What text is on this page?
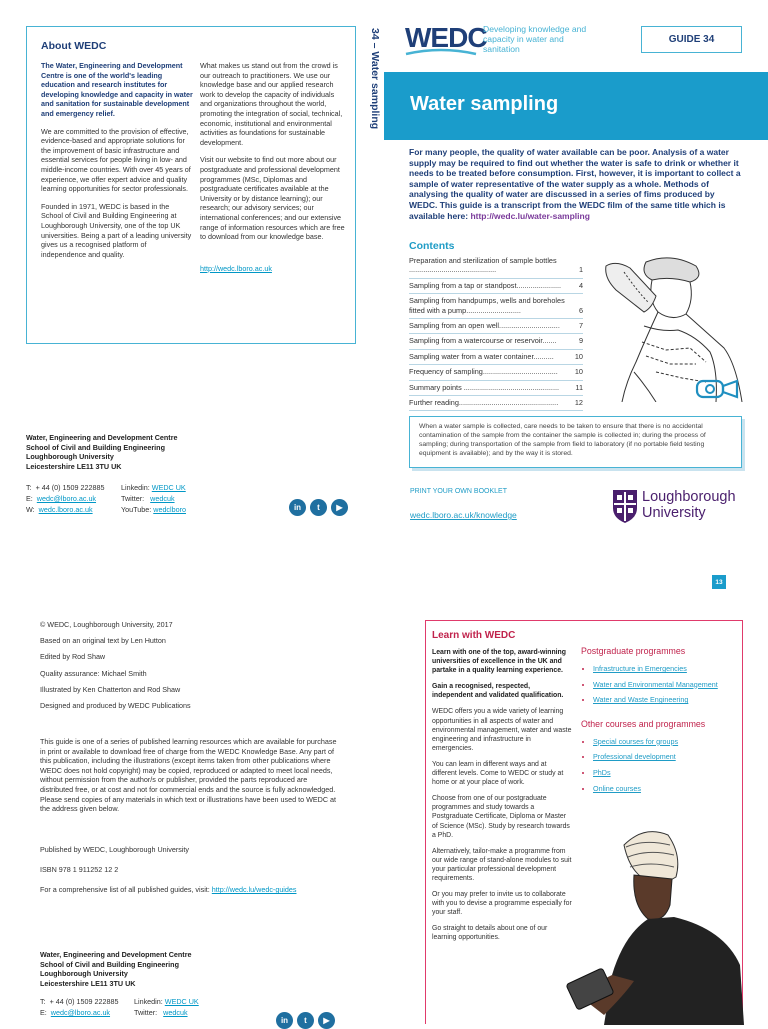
About WEDC

The Water, Engineering and Development Centre is one of the world's leading education and research institutes for developing knowledge and capacity in water and sanitation for sustainable development and emergency relief.

We are committed to the provision of effective, evidence-based and appropriate solutions for the improvement of basic infrastructure and essential services for people living in low- and middle-income countries. With over 45 years of experience, we offer expert advice and quality learning opportunities for sector professionals.

Founded in 1971, WEDC is based in the School of Civil and Building Engineering at Loughborough University, one of the top UK universities. Being a part of a leading university gives us a recognised platform of independence and quality.

What makes us stand out from the crowd is our outreach to practitioners. We use our knowledge base and our applied research work to develop the capacity of individuals and organizations throughout the world, promoting the integration of social, technical, economic, institutional and environmental activities as foundations for sustainable development.

Visit our website to find out more about our postgraduate and professional development programmes (MSc, Diplomas and postgraduate certificates available at the University or by distance learning); our research; our advisory services; our international conferences; and our extensive range of information resources which are free to download from our knowledge base.

http://wedc.lboro.ac.uk

34 – Water sampling WEDC
Developing knowledge and capacity in water and sanitation
GUIDE 34
Water sampling
For many people, the quality of water available can be poor. Analysis of a water supply may be required to find out whether the water is safe to drink or whether it needs to be treated before consumption. First, however, it is important to collect a sample of water representative of the water supply as a whole. Methods of analysing the quality of water are discussed in a series of fims produced by WEDC. This guide is a transcript from the WEDC film of the same title which is available here: http://wedc.lu/water-sampling
Contents
Preparation and sterilization of sample bottles ...........................................	1
Sampling from a tap or standpost......................	4
Sampling from handpumps, wells and boreholes fitted with a pump...........................	6
Sampling from an open well..............................	7
Sampling from a watercourse or reservoir.......	9
Sampling water from a water container..........	10
Frequency of sampling.....................................	10
Summary points ...............................................	11
Further reading.................................................	12
When a water sample is collected, care needs to be taken to ensure that there is no accidental contamination of the sample from the container the sample is collected in; during the process of sampling; during transportation of the sample from field to laboratory (if no portable field testing equipment is available); and by the way it is stored.
PRINT YOUR OWN BOOKLET
wedc.lboro.ac.uk/knowledge
Loughborough
University
Water, Engineering and Development Centre
School of Civil and Building Engineering
Loughborough University
Leicestershire LE11 3TU UK
T: + 44 (0) 1509 222885
E: wedc@lboro.ac.uk
W: wedc.lboro.ac.uk
Linkedin: WEDC UK
Twitter: wedcuk
YouTube: wedclboro	in	t	▶
13

© WEDC, Loughborough University, 2017

Based on an original text by Len Hutton

Edited by Rod Shaw

Quality assurance: Michael Smith

Illustrated by Ken Chatterton and Rod Shaw

Designed and produced by WEDC Publications

This guide is one of a series of published learning resources which are available for purchase in print or available to download free of charge from the WEDC Knowledge Base. Any part of this publication, including the illustrations (except items taken from other publications where WEDC does not hold copyright) may be copied, reproduced or adapted to meet local needs, without permission from the author/s or publisher, provided the parts reproduced are distributed free, or at cost and not for commercial ends and the source is fully acknowledged. Please send copies of any materials in which text or illustrations have been used to WEDC at the address given below.
Published by WEDC, Loughborough University
ISBN 978 1 911252 12 2
For a comprehensive list of all published guides, visit: http://wedc.lu/wedc-guides
Water, Engineering and Development Centre
School of Civil and Building Engineering
Loughborough University
Leicestershire LE11 3TU UK
T: + 44 (0) 1509 222885
E: wedc@lboro.ac.uk
Linkedin: WEDC UK
Twitter: wedcuk
in	t	▶
Learn with WEDC

Learn with one of the top, award-winning universities of excellence in the UK and partake in a quality learning experience.

Gain a recognised, respected, independent and validated qualification.

WEDC offers you a wide variety of learning opportunities in all aspects of water and environmental management, water and waste engineering and infrastructure in emergencies.

You can learn in different ways and at different levels. Come to WEDC or study at home or at your place of work.

Choose from one of our postgraduate programmes and study towards a Postgraduate Certificate, Diploma or Master of Science (MSc). Study by research towards a PhD.

Alternatively, tailor-make a programme from our wide range of stand-alone modules to suit your particular professional development requirements.

Or you may prefer to invite us to collaborate with you to devise a programme especially for your staff.

Go straight to details about one of our learning opportunities.

Postgraduate programmes
• Infrastructure in Emergencies
• Water and Environmental Management
• Water and Waste Engineering
Other courses and programmes
• Special courses for groups
• Professional development
• PhDs
• Online courses
